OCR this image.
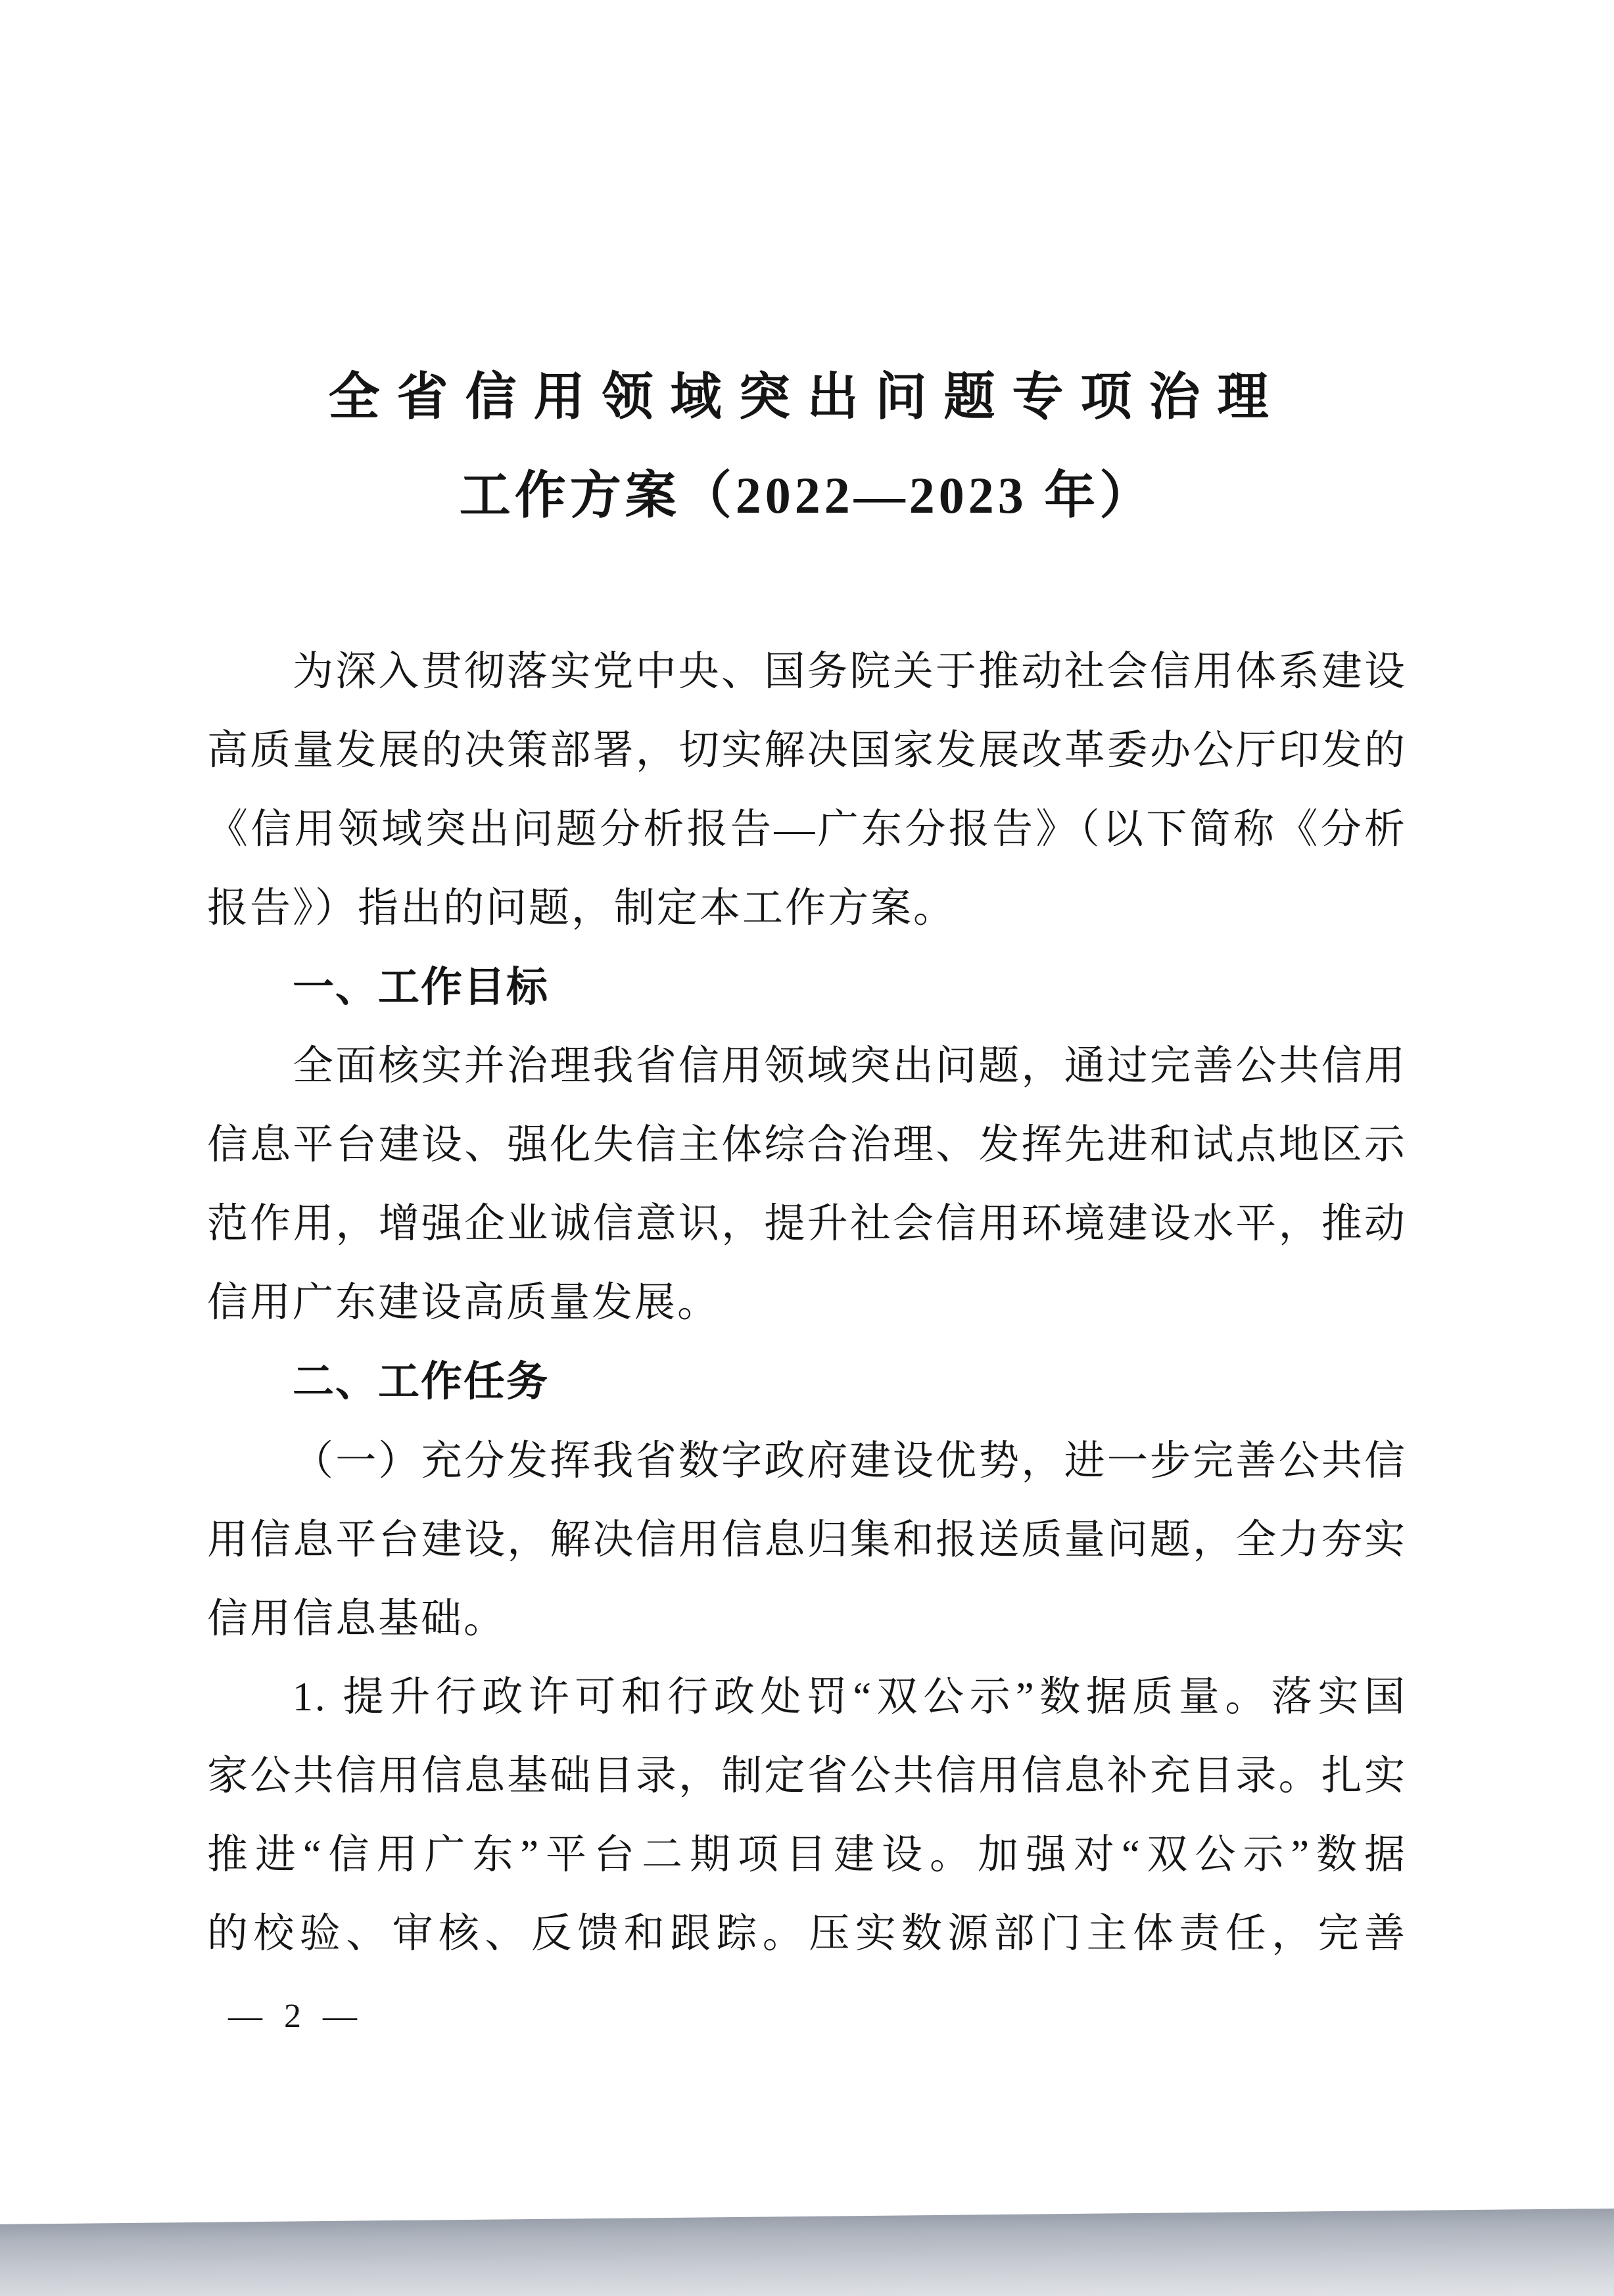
全省信用领域突出问题专项治理
工作方案（2022—2023 年）
为深入贯彻落实党中央、国务院关于推动社会信用体系建设
高质量发展的决策部署，切实解决国家发展改革委办公厅印发的
《信用领域突出问题分析报告—广东分报告》（以下简称《分析
报告》）指出的问题，制定本工作方案。
一、工作目标
全面核实并治理我省信用领域突出问题，通过完善公共信用
信息平台建设、强化失信主体综合治理、发挥先进和试点地区示
范作用，增强企业诚信意识，提升社会信用环境建设水平，推动
信用广东建设高质量发展。
二、工作任务
（一）充分发挥我省数字政府建设优势，进一步完善公共信
用信息平台建设，解决信用信息归集和报送质量问题，全力夯实
信用信息基础。
1. 提升行政许可和行政处罚“双公示”数据质量。落实国
家公共信用信息基础目录，制定省公共信用信息补充目录。扎实
推进“信用广东”平台二期项目建设。加强对“双公示”数据
的校验、审核、反馈和跟踪。压实数源部门主体责任，完善
— 2 —
